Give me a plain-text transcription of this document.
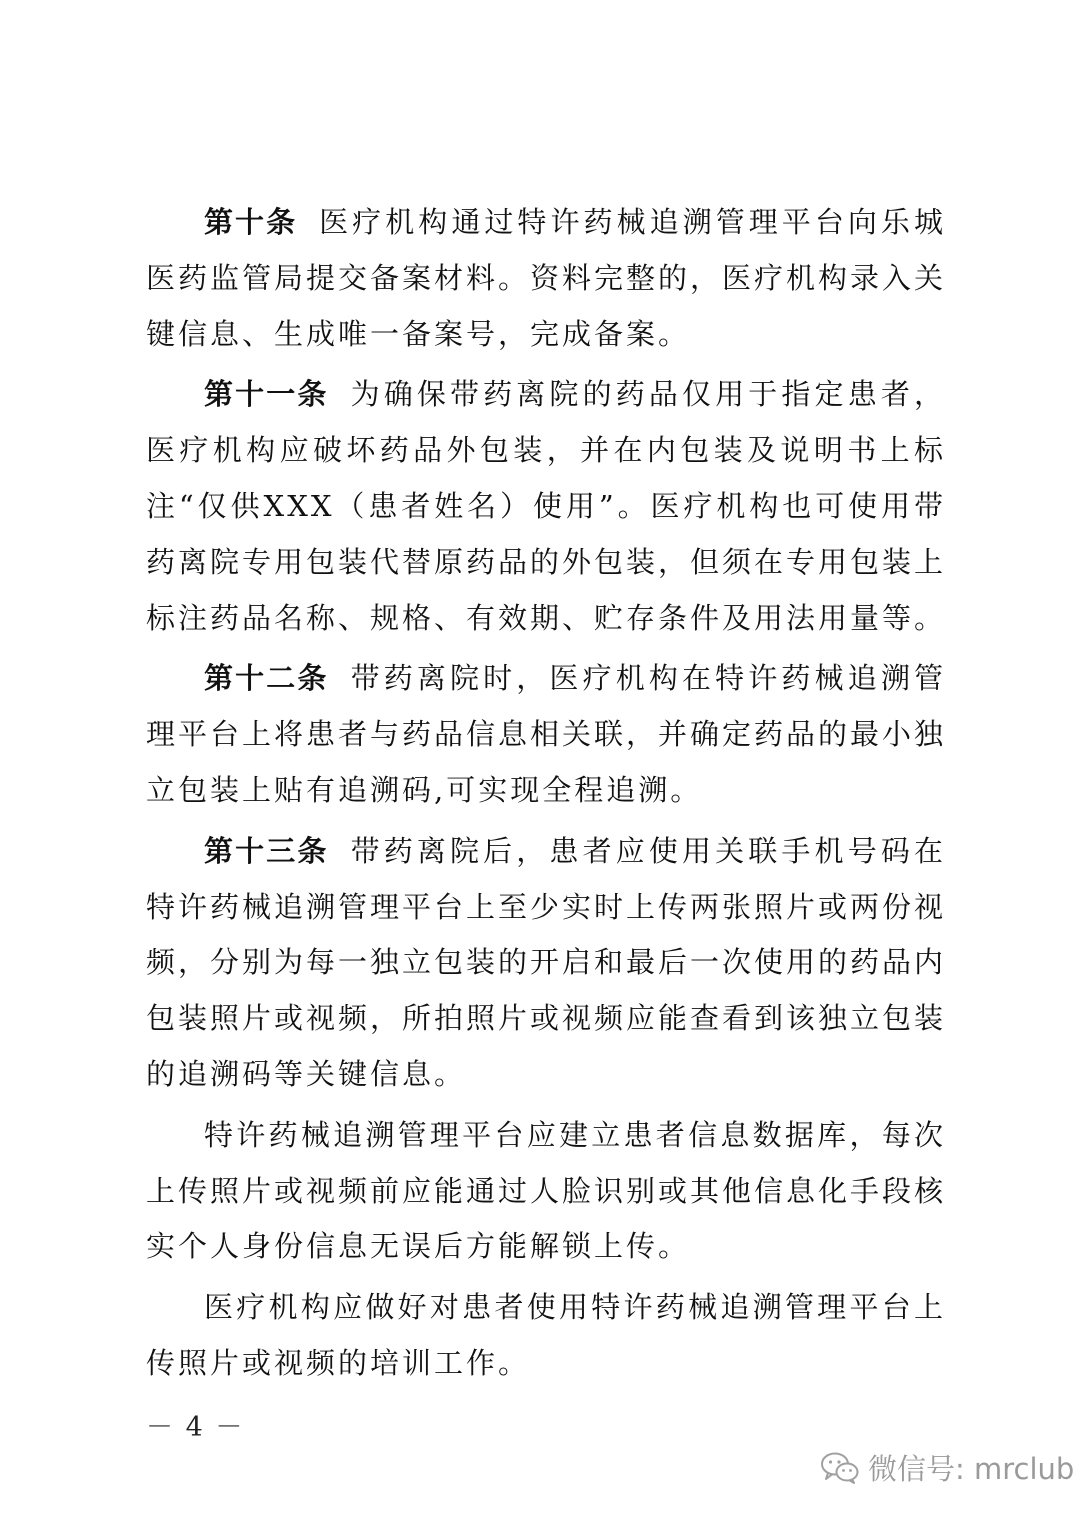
第十条 医疗机构通过特许药械追溯管理平台向乐城医药监管局提交备案材料。资料完整的，医疗机构录入关键信息、生成唯一备案号，完成备案。

第十一条 为确保带药离院的药品仅用于指定患者，医疗机构应破坏药品外包装，并在内包装及说明书上标注“仅供XXX（患者姓名）使用”。医疗机构也可使用带药离院专用包装代替原药品的外包装，但须在专用包装上标注药品名称、规格、有效期、贮存条件及用法用量等。

第十二条 带药离院时，医疗机构在特许药械追溯管理平台上将患者与药品信息相关联，并确定药品的最小独立包装上贴有追溯码,可实现全程追溯。

第十三条 带药离院后，患者应使用关联手机号码在特许药械追溯管理平台上至少实时上传两张照片或两份视频，分别为每一独立包装的开启和最后一次使用的药品内包装照片或视频，所拍照片或视频应能查看到该独立包装的追溯码等关键信息。

特许药械追溯管理平台应建立患者信息数据库，每次上传照片或视频前应能通过人脸识别或其他信息化手段核实个人身份信息无误后方能解锁上传。

医疗机构应做好对患者使用特许药械追溯管理平台上传照片或视频的培训工作。

－ 4 －
微信号: mrclub
